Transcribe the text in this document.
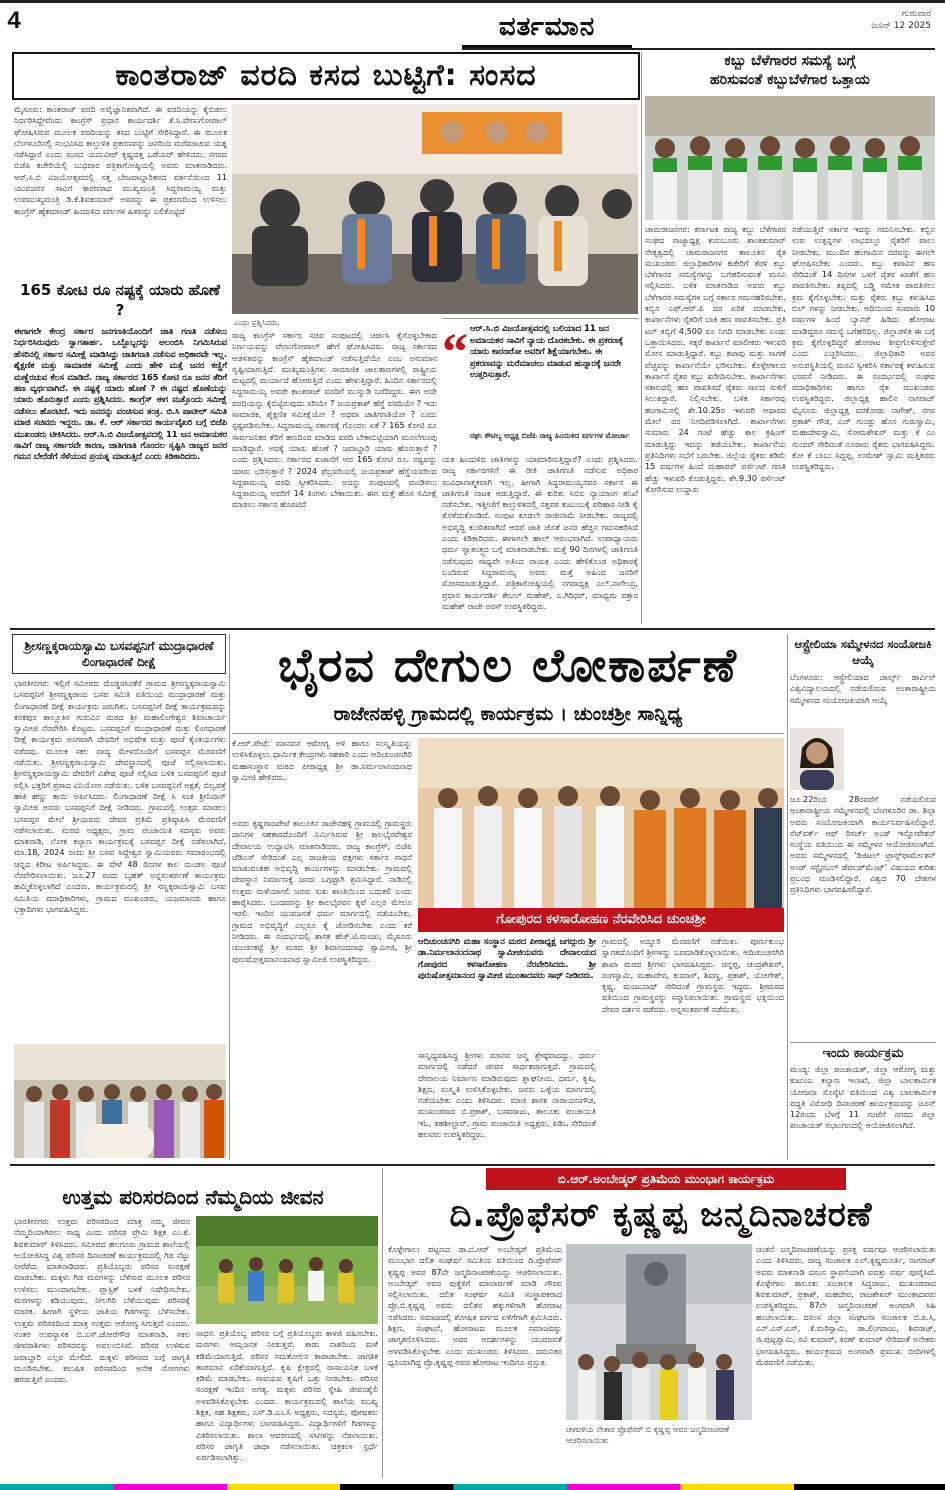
4	ವರ್ತಮಾನ	ಗುರುವಾರ
ಜೂನ್ 12 2025
ಕಾಂತರಾಜ್ ವರದಿ ಕಸದ ಬುಟ್ಟಿಗೆ: ಸಂಸದ
ಮೈಸೂರು: ಕಾಂತರಾಜ್ ವರದಿ ಅವೈಜ್ಞಾನಿಕವಾಗಿದೆ. ಈ ವರದಿಯನ್ನು ಕೈಬಿಡಲು ನಿರ್ಧರಿಸಿದ್ದೇವೆಂದು ಕಾಂಗ್ರೆಸ್ ಪ್ರಧಾನ ಕಾರ್ಯದರ್ಶಿ ಕೆ.ಸಿ.ವೇಣುಗೋಪಾಲ್ ಘೋಷಿಸಿರುವ ಮೂಲಕ ವರದಿಯನ್ನು ಕಸದ ಬುಟ್ಟಿಗೆ ಸೇರಿಸಿದ್ದಾರೆ. ಈ ಮೂಲಕ ಬೆಂಗಳೂರಿನಲ್ಲಿ ಸಂಭವಿಸಿದ ಕಾಲ್ತುಳಿತ ಪ್ರಕರಣವನ್ನು ಜನರಿಂದ ಮರೆಮಾಚುವ ಯತ್ನ ನಡೆಸಿದ್ದಾರೆ ಎಂದು ಸಂಸದ ಯದುವೀರ್ ಕೃಷ್ಣದತ್ತ ಒಡೆಯರ್ ಹೇಳಿದರು. ನಗರದ ಬಿಜೆಪಿ ಕಚೇರಿಯಲ್ಲಿ ಬುಧವಾರ ಪತ್ರಿಕಾಗೋಷ್ಠಿಯಲ್ಲಿ ಅವರು ಮಾತನಾಡಿದರು. ಆರ್.ಸಿ.ಬಿ ವಿಜಯೋತ್ಸವದಲ್ಲಿ ಸತ್ತ ಬೇಜವಾಬ್ದಾರಿತನದ ವರ್ತನೆಯಿಂದ 11 ಯುವಜನರ ಸಾವಿಗೆ ಕಾರಣರಾದ ಮುಖ್ಯಮಂತ್ರಿ ಸಿದ್ದರಾಮಯ್ಯ ಮತ್ತು ಉಪಮುಖ್ಯಮಂತ್ರಿ ಡಿ.ಕೆ.ಶಿವಕುಮಾರ್ ಅವರನ್ನು ಈ ಪ್ರಕರಣದಿಂದ ಉಳಿಸಲು ಕಾಂಗ್ರೆಸ್ ಹೈಕಮಾಂಡ್ ಹಿಂದುಳಿದ ವರ್ಗಗಳ ಹಿತವನ್ನು ಬಲಿಕೊಟ್ಟಿದೆ
165 ಕೋಟಿ ರೂ ನಷ್ಟಕ್ಕೆ ಯಾರು ಹೊಣೆ ?
ಈಗಾಗಲೇ ಕೇಂದ್ರ ಸರ್ಕಾರ ಜನಗಣತಿಯೊಂದಿಗೆ ಜಾತಿ ಗಣತಿ ನಡೆಸಲು ನಿರ್ಧರಿಸಿರುವುದು ಸ್ವಾಗತಾರ್ಹ. ಒಬ್ಬೊಬ್ಬರನ್ನು ಅಲಂಬಿಸಿ ನಿಗಮಿಸಿರುವ ಹೆಸರಿನಲ್ಲಿ ಸರ್ಕಾರ ಸಮೀಕ್ಷೆ ಮಾಡಿಸಿದ್ದು ಜಾತಿಗಣತಿ ನಡೆಸುವ ಅಧಿಕಾರವೇ ಇಲ್ಲ. ಶೈಕ್ಷಣಿಕ ಮತ್ತು ಸಾಮಾಜಿಕ ಸಮೀಕ್ಷೆ ಎಂದು ಹೇಳಿ ಮತ್ತೆ ಜನರ ಕಣ್ಣಿಗೆ ಮಣ್ಣೆರಚುವ ಕೆಲಸ ಮಾಡಿದೆ. ರಾಜ್ಯ ಸರ್ಕಾರದ 165 ಕೋಟಿ ರೂ ಜನರ ತೆರಿಗೆ ಹಣ ವ್ಯರ್ಥವಾಗಿದೆ. ಈ ನಷ್ಟಕ್ಕೆ ಯಾರು ಹೊಣೆ ? ಈ ನಷ್ಟದ ಹೊಣೆಯನ್ನು ಯಾರು ಹೊರುತ್ತಾರೆ ಎಂದು ಪ್ರಶ್ನಿಸಿದರು. ಕಾಂಗ್ರೆಸ್ ಈಗ ಮತ್ತೊಂದು ಸಮೀಕ್ಷೆ ನಡೆಸಲು ಹೊರಟಿದೆ. ಇದು ಜನರನ್ನು ವಂಚಿಸುವ ತಂತ್ರ. ಬಿ.ಸಿ ಪಾಟೀಲ್ ಸಮಿತಿ ಮಾಜಿ ಸಚಿವರು ಇದ್ದರು. ಡಾ. ಕೆ. ಆರ್ ಸರ್ಕಾರದ ಕಾರ್ಯವೈಖರಿ ಬಗ್ಗೆ ಬಿಜೆಪಿ ಮುಖಂಡರು ಟೀಕಿಸಿದರು. ಆರ್.ಸಿ.ಬಿ ವಿಜಯೋತ್ಸವದಲ್ಲಿ 11 ಜನ ಅಮಾಯಕರ ಸಾವಿಗೆ ರಾಜ್ಯ ಸರ್ಕಾರವೇ ಕಾರಣ, ಜಾತಿಗಣತಿ ಗೊಂದಲ ಸೃಷ್ಟಿಸಿ ರಾಜ್ಯದ ಜನರ ಗಮನ ಬೇರೆಡೆಗೆ ಸೆಳೆಯುವ ಪ್ರಯತ್ನ ಮಾಡುತ್ತಿದೆ ಎಂದು ಕಿಡಿಕಾರಿದರು.
ಎಂದು ಪ್ರಶ್ನಿಸಿದರು.
ರಾಜ್ಯ ಕಾಂಗ್ರೆಸ್ ಸರ್ಕಾರ ಸಚಿವ ಸಂಪುಟದಲ್ಲಿ ಚರ್ಚಿಸಿ ಕೈಗೊಳ್ಳಬೇಕಾದ ನಿರ್ಣಯವನ್ನು ವೇಣುಗೋಪಾಲ್ ಹೇಗೆ ಘೋಷಿಸಿದರು. ರಾಜ್ಯ ಸರ್ಕಾರದ ಆಡಳಿತವನ್ನು ಕಾಂಗ್ರೆಸ್ ಹೈಕಮಾಂಡ್ ನಡೆಸುತ್ತಿದೆಯೇ ಎಂಬ ಅನುಮಾನ ಸೃಷ್ಟಿಯಾಗುತ್ತಿದೆ. ಮುಖ್ಯಮಂತ್ರಿಗಳು ಸಾಮಾಜಿಕ ಜಾಲತಾಣಗಳಲ್ಲಿ ರಾಷ್ಟ್ರೀಯ ಮಟ್ಟದಲ್ಲಿ ಮರ್ಯಾದೆ ಹೋಗುತ್ತಿದೆ ಎಂದು ಹೇಳುತ್ತಿದ್ದಾರೆ. ಹಿಂದಿನ ಸರ್ಕಾರದಲ್ಲಿ ಸಿದ್ದರಾಮಯ್ಯ ಅವರೇ ಕಾಂತರಾಜ್ ವರದಿಗೆ ಮುನ್ನುಡಿ ಬರೆದಿದ್ದರು. ಈಗ ಅದೇ ವರದಿಯನ್ನು ಕೈಬಿಟ್ಟಿರುವುದು ಸರಿಯೇ ? ಜಯಪ್ರಕಾಶ್ ಹೆಗ್ಡೆ ವರದಿಯೇ ? ಇದು ಸಾಮಾಜಿಕ, ಶೈಕ್ಷಣಿಕ ಸಮೀಕ್ಷೆಯೋ ? ಅಥವಾ ಜಾತಿಗಣತಿಯೋ ? ಎಂದು ಸ್ಪಷ್ಟಪಡಿಸಬೇಕು. ಸಿದ್ದರಾಮಯ್ಯ ಸರ್ಕಾರಕ್ಕೆ ಗೊಂದಲ ಏಕೆ ? 165 ಕೋಟಿ ರೂ ಸಾರ್ವಜನಿಕರ ತೆರಿಗೆ ಹಣದಿಂದ ಮಾಡಿದ ವರದಿ ಬೇಕಾಬಿಟ್ಟಿಯಾಗಿ ಮೂಲೆಗುಂಪು ಮಾಡಿದ್ದಾರೆ. ಅದಕ್ಕೆ ಯಾರು ಹೊಣೆ ? ಜವಾಬ್ದಾರಿ ಯಾರು ಹೊರುತ್ತಾರೆ ? ಎಂದು ಪ್ರಶ್ನಿಸಿದರು. ಸರ್ಕಾರದ ಖಜಾನೆಗೆ ಆದ 165 ಕೋಟಿ ರೂ. ನಷ್ಟವನ್ನು ಯಾರು ಭರಿಸುತ್ತಾರೆ ? 2024 ಫೆಬ್ರವರಿಯಲ್ಲಿ ಜಯಪ್ರಕಾಶ್ ಹೆಗ್ಡೆಯವರಿಂದ ಸಿದ್ದರಾಮಯ್ಯ ವರದಿ ಸ್ವೀಕರಿಸಿದರು. ಅದನ್ನು ಸಂಪುಟದಲ್ಲಿ ಮಂಡಿಸಲು ಸಿದ್ದರಾಮಯ್ಯ ಅವರಿಗೆ 14 ತಿಂಗಳು ಬೇಕಾಯಿತು. ಈಗ ಮತ್ತೆ ಹೊಸ ಸಮೀಕ್ಷೆ ಮಾಡಲು ಸರ್ಕಾರ ಹೊರಟಿದೆ
“ ಆರ್.ಸಿ.ಬಿ ವಿಜಯೋತ್ಸವದಲ್ಲಿ ಬಲಿಯಾದ 11 ಜನ ಅಮಾಯಕರ ಸಾವಿಗೆ ನ್ಯಾಯ ದೊರಕಬೇಕು. ಈ ಪ್ರಕರಣಕ್ಕೆ ಯಾರು ಕಾರಣರೋ ಅವರಿಗೆ ಶಿಕ್ಷೆಯಾಗಬೇಕು. ಈ ಪ್ರಕರಣವನ್ನು ಮರೆಮಾಚಲು ಮಾಡುವ ಹುನ್ನಾರಕ್ಕೆ ಜನರೇ ಉತ್ತರಿಸುತ್ತಾರೆ.
ರಘು ಕೌಟಿಲ್ಯ ಅಧ್ಯಕ್ಷ ಬಿಜೆಪಿ ರಾಜ್ಯ ಹಿಂದುಳಿದ ವರ್ಗಗಳ ಮೋರ್ಚಾ
ಯಕ ಹಿಂದುಳಿದ ಜಾತಿಗಳನ್ನು ಯಾಮಾರಿಸುತ್ತಿದ್ದಾರೆ? ಎಂದು ಪ್ರಶ್ನಿಸಿದರು. ರಾಜ್ಯ ಸರ್ಕಾರಗಳಿಗೆ ಈ ರೀತಿ ಜಾತಿಗಣತಿ ನಡೆಸುವ ಅಧಿಕಾರ ಸಂವಿಧಾನಾತ್ಮಕವಾಗಿ ಇಲ್ಲ. ಹೀಗಾಗಿ ಸಿದ್ದರಾಮಯ್ಯನವರ ಸರ್ಕಾರ ಈ ಜಾತಿಗಣತಿ ನಾಟಕ ಆಡುತ್ತಿದ್ದಾರೆ. ಈ ಕುರಿತು ಸಿಬಿಐ ನ್ಯಾಯಾಂಗ ತನಿಖೆ ನಡೆಸಬೇಕು. ಇತ್ತೀಚೆಗೆ ಕಾಲ್ತುಳಿತದಲ್ಲಿ ಸತ್ತವರ ಕುಟುಂಬಕ್ಕೆ ಪರಿಹಾರ ನೀಡಿ ಕೈ ತೊಳೆದುಕೊಂಡಿದೆ. ಸಂಪುಟ ಕೂಡಲೇ ರಾಜೀನಾಮೆ ನೀಡಬೇಕು. ರಾಜ್ಯದಲ್ಲಿ ಅಭಿವೃದ್ಧಿ ಕುಂಠಿತವಾಗಿದೆ ಆದರೆ ಜಾತಿ ಜೊತೆ ಜನರ ಹೆಚ್ಚಿನ ಗಮನಹರಿಸಿದೆ ಎಂದು ಕಿಡಿಕಾರಿದರು. ಈಗಾಗಲೇ ಹಾಲ್ ಆರಂಭವಾಗಿದೆ. ಉಪಾಧ್ಯಾಯರು ಧರ್ಮ ಸ್ವಾತಂತ್ರ್ಯದ ಬಗ್ಗೆ ಮಾತನಾಡಬೇಕು. ಮತ್ತೆ 90 ದಿನಗಳಲ್ಲಿ ಜಾತಿಗಣತಿ ನಡೆಸುವುದು ಸಾಧ್ಯವೇ ಅತಿಂದ ನಾಯಕ ಎಂದು ಹೇಳಿಕೊಂಡ ಅಧಿಕಾರಕ್ಕೆ ಬಂದಿರುವ ಸಿದ್ದರಾಮಯ್ಯ ಅವರು ಮತ್ತೆ ಅಹಿಂದ ಜನರಿಗೆ ಮೋಸಮಾಡುತ್ತಿದ್ದಾರೆ. ಪತ್ರಿಕಾಗೋಷ್ಠಿಯಲ್ಲಿ ನಗರಾಧ್ಯಕ್ಷ ಎಲ್.ನಾಗೇಂದ್ರ, ಪ್ರಧಾನ ಕಾರ್ಯದರ್ಶಿ ಕೇಬಲ್ ಮಹೇಶ್, ಎ.ಗಿರಿಧರ್, ಮಾಧ್ಯಮ ವಕ್ತಾರ ಮಹೇಶ್ ರಾಜೇ ಅರಸ್ ಉಪಸ್ಥಿತರಿದ್ದರು.
ಕಬ್ಬು ಬೆಳೆಗಾರರ ಸಮಸ್ಯೆ ಬಗ್ಗೆ
ಹರಿಸುವಂತೆ ಕಬ್ಬುಬೆಳೆಗಾರ ಒತ್ತಾಯ
ಚಾಮರಾಜನಗರ: ಕರ್ನಾಟಕ ರಾಜ್ಯ ಕಬ್ಬು ಬೆಳೆಗಾರರ ಸಂಘದ ರಾಜ್ಯಾಧ್ಯಕ್ಷ ಕುರುಬೂರು ಶಾಂತಕುಮಾರ್ ನೇತೃತ್ವದಲ್ಲಿ ಚಾಮರಾಜನಗರ ತಾಲೂಕಿನ ರೈತ ಮುಖಂಡರು ಜಿಲ್ಲಾಧಿಕಾರಿಗಳ ಕಚೇರಿಗೆ ತೆರಳಿ ಕಬ್ಬು ಬೆಳೆಗಾರರ ಸಮಸ್ಯೆಗಳನ್ನು ಬಗೆಹರಿಸುವಂತೆ ಮನವಿ ಸಲ್ಲಿಸಿದರು. ಬಳಿಕ ಮಾತನಾಡಿದ ಅವರು ಕಬ್ಬು ಬೆಳೆಗಾರರ ಸಮಸ್ಯೆಗಳ ಬಗ್ಗೆ ಸರ್ಕಾರ ಗಮನಹರಿಸಬೇಕು. ಕಬ್ಬಿನ ಎಫ್.ಆರ್.ಪಿ ದರ ಏರಿಕೆ ಮಾಡಬೇಕು, ಕಾರ್ಖಾನೆಗಳು ರೈತರಿಗೆ ಬಾಕಿ ಹಣ ಪಾವತಿಸಬೇಕು. ಪ್ರತಿ ಟನ್ ಕಬ್ಬಿಗೆ 4,500 ರೂ ನಿಗದಿ ಮಾಡಬೇಕು ಎಂದು ಒತ್ತಾಯಿಸಿದರು. ಸಕ್ಕರೆ ಕಾರ್ಖಾನೆ ಮಾಲೀಕರು ಇಳುವರಿ ಮೋಸ ಮಾಡುತ್ತಿದ್ದಾರೆ. ಕಬ್ಬು ಕಟಾವು ಮತ್ತು ಸಾಗಣೆ ವೆಚ್ಚವನ್ನು ಕಾರ್ಖಾನೆಯೇ ಭರಿಸಬೇಕು. ಕೊಳ್ಳೇಗಾಲದ ಕಾರ್ಖಾನೆ ರೈತರ ಕಬ್ಬು ಖರೀದಿಸಬೇಕು. ಕಾರ್ಖಾನೆಗಳು ಸಕಾಲದಲ್ಲಿ ಹಣ ಪಾವತಿಸದೆ ರೈತರು ಸಾಲದ ಸುಳಿಗೆ ಸಿಲುಕಿದ್ದಾರೆ. ನಿಲ್ಲಿಸಬೇಕು. ಬಳಿಕ ಸರ್ಕಾರವು ಹಂಗಾಮಿನಲ್ಲಿ ಶೇ.10.25ರ ಇಳುವರಿ ಆಧಾರದ ಮೇಲೆ ದರ ನಿಗದಿಪಡಿಸಲಾಗಿದೆ. ಕಾರ್ಖಾನೆಗಳು ಸುಮಾರು 24 ಗಂಟೆ ಹೆಚ್ಚು ಕಾಲ ಕ್ರಷಿಂಗ್ ಮಾಡುತ್ತಿದ್ದು ಇದನ್ನು ತಡೆಯಬೇಕು. ಕಾರ್ಖಾನೆಯ ಪ್ರತಿನಿಧಿಗಳು ಸಭೆಗೆ ಬರಬೇಕು. ಜಿಲ್ಲೆಯ ರೈತರು ಕಡಿಮೆ 15 ವರ್ಷಗಳ ಹಿಂದೆ ಮಹಾಪರ್ ಪರ್ಸೆಂಟ್ ಗಣತಿ ಹೆಚ್ಚು ಇಳುವರಿ ಕೊಡುತ್ತಿದ್ದರು. ಶೇ.9.30 ಪರ್ಸೆಂಟ್ ತೋರಿಸುವ ಉದ್ದಾರು
ನಡೆಯುತ್ತಿವೆ ಸರ್ಕಾರ ಇದನ್ನು ಗಮನಿಸಬೇಕು. ಕಬ್ಬಿನ ಉಪ ಉತ್ಪನ್ನಗಳ ಲಾಭದಲ್ಲೂ ರೈತರಿಗೆ ಪಾಲು ನೀಡಬೇಕು. ಮುಂದಿನ ಹಂಗಾಮಿನ ದರವನ್ನು ಈಗಲೇ ಘೋಷಿಸಬೇಕು ಎಂದರು. ಕಬ್ಬು ಕಟಾವಿನ ಹಣ ಸೇರಿದಂತೆ 14 ದಿನಗಳ ಒಳಗೆ ರೈತರ ಖಾತೆಗೆ ಹಣ ಪಾವತಿಸಬೇಕು. ತಪ್ಪಿದಲ್ಲಿ ಬಡ್ಡಿ ಸಮೇತ ಪಾವತಿಸಲು ಕ್ರಮ ಕೈಗೊಳ್ಳಬೇಕು. ಮತ್ತು ರೈತರು ಕಬ್ಬು ಕಳುಹಿಸಿದ ಬಿಲ್ ಗಳನ್ನು ನೀಡಬೇಕು. ಆದಿಯಿಂದ ಸುಮಾರು 10 ವರ್ಷಗಳ ಹಿಂದೆ ಬ್ಯಾನರ್ ಹಿಡಿದು ಹೋರಾಟ ಮಾಡಿದ್ದರೂ ಸಮಸ್ಯೆ ಬಗೆಹರಿದಿಲ್ಲ. ಜಿಲ್ಲಾಡಳಿತ ಈ ಬಗ್ಗೆ ಕ್ರಮ ಕೈಗೊಳ್ಳದಿದ್ದರೆ ಹೋರಾಟ ತೀವ್ರಗೊಳಿಸುತ್ತೇವೆ ಎಂದು ಎಚ್ಚರಿಸಿದರು. ಜಿಲ್ಲಾಧಿಕಾರಿ ಅವರ ಅನುಪಸ್ಥಿತಿಯಲ್ಲಿ ಮನವಿ ಸ್ವೀಕರಿಸಿ ಸರ್ಕಾರಕ್ಕೆ ಕಳುಹಿಸುವ ಭರವಸೆ ನೀಡಿದರು. ಈ ಸಂದರ್ಭದಲ್ಲಿ ಸಂಘದ ಪದಾಧಿಕಾರಿಗಳು ಹಾಗೂ ರೈತ ಮುಖಂಡರು ಉಪಸ್ಥಿತರಿದ್ದರು. ಜಿಲ್ಲಾಧ್ಯಕ್ಷ ಹಾಲಿನ ನಾಗರಾಜ್ ಮೈಸೂರು ಜಿಲ್ಲಾಧ್ಯಕ್ಷ ವರಕೋಡು ನಾಗೇಶ್, ನಗರ ಪ್ರಕಾಶ್ ಗೌಡ, ಎಚ್ ಗುಂಡ್ಲು ಹೊಸ ಗುರುಸ್ವಾಮಿ, ಮಹಾದೇವಸ್ವಾಮಿ, ಸೋಮಶೇಖರ್ ಮತ್ತು ಕೆ ಎಂ ಸುಂದರ್ ಸೇರಿದಂತೆ ನೂರಾರು ರೈತರು ಭಾಗವಹಿಸಿದ್ದರು. ಕೋ ಕೆ ಬಾಬು ಸಿದ್ದಪ್ಪ, ಉಮೇಶ್ ಸ್ವಾಮಿ ಮತ್ತಿತರರು ಉಪಸ್ಥಿತರಿದ್ದರು.
ಶ್ರೀಸಣ್ಣಕ್ಕರಾಯಸ್ವಾಮಿ ಬಸವಪ್ಪನಿಗೆ ಮುದ್ರಾಧಾರಣೆ ಲಿಂಗಾಧಾರಣೆ ದೀಕ್ಷೆ
ಭಾರತೀನಗರ: ಇಲ್ಲಿಗೆ ಸಮೀಪದ ದೊಡ್ಡರಸಿನಕೆರೆ ಗ್ರಾಮದ ಶ್ರೀಸಣ್ಣಕ್ಕರಾಯಸ್ವಾಮಿ ಬಸವಪ್ಪನಿಗೆ ಶ್ರೀಸಣ್ಣಕ್ಕರಾಯ ಬಸವ ಸಮಿತಿ ವತಿಯಿಂದ ಮುದ್ರಾಧಾರಣೆ ಮತ್ತು ಲಿಂಗಾಧಾರಣೆ ದೀಕ್ಷೆ ಕಾರ್ಯಕ್ರಮ ಜರುಗಿತು. ಬಸವಪ್ಪನಿಗೆ ದೀಕ್ಷೆ ಕಾರ್ಯಕ್ರಮವನ್ನು ಕನಕಪುರ ತಾಲ್ಲೂಕಿನ ಗುರುವಿನ ಮಠದ ಶ್ರೀ ಮಹಾಲಿಂಗೇಶ್ವರ ಶಿವಾಚಾರ್ಯ ಸ್ವಾಮೀಜಿ ನೆರವೇರಿಸಿ ಕೊಟ್ಟರು. ಬಸವಪ್ಪನಿಗೆ ಮುದ್ರಾಧಾರಣೆ ಮತ್ತು ಲಿಂಗಧಾರಣೆ ದೀಕ್ಷೆ ಕಾರ್ಯಕ್ರಮ ಅಂಗವಾಗಿ ದೇವರಿಗೆ ಅಭಿಷೇಕ ಮತ್ತು ಪೂಜೆ ಕೈಂಕರ್ಯಗಳು ನಡೆದವು. ಮೂಲಕ ಸಕಲ ವಾದ್ಯ ಮೇಳದೊಂದಿಗೆ ಬಸವಪ್ಪನ ಮೆರವಣಿಗೆ ನಡೆಯಿತು. ಶ್ರೀಸಣ್ಣಕ್ಕರಾಯಸ್ವಾಮಿ ದೇವಸ್ಥಾನದಲ್ಲಿ ಪೂಜೆ ಸಲ್ಲಿಸಲಾಯಿತು. ಶ್ರೀಸಣ್ಣಕ್ಕರಾಯಸ್ವಾಮಿ ದೇವರಿಗೆ ವಿಶೇಷ ಪೂಜೆ ಸಲ್ಲಿಸಿದ ಬಳಿಕ ಬಸವಪ್ಪನಿಗೆ ಪೂಜೆ ಸಲ್ಲಿಸಿ ಭಕ್ತರಿಗೆ ಪ್ರಸಾದ ವಿನಿಯೋಗ ನಡೆಯಿತು. ಬಳಿಕ ಬಸವಪ್ಪನಿಗೆ ಅಕ್ಷತೆ, ಬಿಲ್ವಪತ್ರೆ ಹಾಕಿ ಹಣ್ಣು ಕಾಯಿ ಅರ್ಪಿಸಿದರು. ಲಿಂಗಾಧಾರಣೆ ದೀಕ್ಷೆ ಸಿ ಸಂತ ಶ್ರೀನಿವಾಸ್ ಸ್ವಾಮೀಜಿ ಅವರು ಬಸವಪ್ಪನಿಗೆ ದೀಕ್ಷೆ ನೀಡಿದರು. ಗ್ರಾಮದಲ್ಲಿ ಉತ್ಸವ ಮಾಡಲು ಬಸವಪ್ಪನ ಮೇಲೆ ಶ್ರೀಯವರು ದೇವರ ಪ್ರತಿಮೆ ಪ್ರತಿಷ್ಠಾಪಿಸಿ ಮೆರವಣಿಗೆ ನಡೆಸಲಾಯಿತು. ಮಠದ ಅಧ್ಯಕ್ಷರು, ಗ್ರಾಮ ಪಂಚಾಯಿತಿ ಸದಸ್ಯರು ಅವರು ಮಾತನಾಡಿ, ಲೋಕ ಕಲ್ಯಾಣ ಕಾರ್ಯಕ್ರಮಕ್ಕೆ ಬಸವಪ್ಪನ ದೀಕ್ಷೆ ನಡೆಸಲಾಗಿದೆ. ಮಾ.18, 2024 ರಂದು ಶ್ರೀ ಬಸವ ಸಿದ್ದೇಶ್ವರ ಸ್ವಾಮಿಯವರು ಸಮಾರಂಭದಲ್ಲಿ ಚಿನ್ನದ ಕಿರೀಟ ಅರ್ಪಿಸಿದ್ದರು. ಈ ವೇಳೆ 48 ದಿನಗಳ ಕಾಲ ಮಂಡಲ ಪೂಜೆ ನೆರವೇರಿಸಲಾಯಿತು. ಜೂ.27 ರಂದು ಬೃಹತ್ ಅನ್ನಸಂತರ್ಪಣೆ ಕಾರ್ಯಕ್ರಮ ಹಮ್ಮಿಕೊಳ್ಳಲಾಗಿದೆ ಎಂದರು. ಕಾರ್ಯಕ್ರಮದಲ್ಲಿ ಶ್ರೀ ಸಣ್ಣಕ್ಕರಾಯಸ್ವಾಮಿ ಬಸವ ಸಮಿತಿಯ ಪದಾಧಿಕಾರಿಗಳು, ಗ್ರಾಮದ ಮುಖಂಡರು, ಯಜಮಾನರು ಹಾಗೂ ಭಕ್ತಾದಿಗಳು ಭಾಗವಹಿಸಿದ್ದರು.
ಭೈರವ ದೇಗುಲ ಲೋಕಾರ್ಪಣೆ
ರಾಜೇನಹಳ್ಳಿ ಗ್ರಾಮದಲ್ಲಿ ಕಾರ್ಯಕ್ರಮ । ಚುಂಚಶ್ರೀ ಸಾನ್ನಿಧ್ಯ
ಕೆ.ಆರ್.ಪೇಟೆ: ಮಾನವನ ಆರೋಗ್ಯ ಅಳಿ ಹಾಗೂ ಸಂಸ್ಕೃತಿಯನ್ನು ಉಳಿಸಿಕೊಳ್ಳಲು ಧಾರ್ಮಿಕ ಕೇಂದ್ರಗಳು ಸಹಕಾರಿ ಎಂದು ಆದಿಚುಂಚನಗಿರಿ ಮಹಾಸಂಸ್ಥಾನ ಮಠದ ಪೀಠಾಧ್ಯಕ್ಷ ಶ್ರೀ ಡಾ.ನಿರ್ಮಲಾನಂದನಾಥ ಸ್ವಾಮೀಜಿ ಹೇಳಿದರು.
ಗೋಪುರದ ಕಳಸಾರೋಹಣ ನೆರವೇರಿಸಿದ ಚುಂಚಶ್ರೀ
ಅವರು ಕೃಷ್ಣರಾಜಪೇಟೆ ತಾಲೂಕಿನ ರಾಜೇನಹಳ್ಳಿ ಗ್ರಾಮದಲ್ಲಿ ಗ್ರಾಮಸ್ಥರು ದಾನಿಗಳ ಸಹಕಾರದೊಂದಿಗೆ ನಿರ್ಮಿಸಿರುವ ಶ್ರೀ ಕಾಲಭೈರವೇಶ್ವರ ದೇವಾಲಯ ಉದ್ಘಾಟಿಸಿ ಮಾತನಾಡಿದರು. ರಾಜ್ಯ ಕಾಂಗ್ರೆಸ್, ಬಿಜೆಪಿ ಜೆಡಿಎಸ್ ಸೇರಿದಂತೆ ಎಲ್ಲ ರಾಜಕೀಯ ಪಕ್ಷಗಳು ಸರ್ಕಾರ ಸಾಧನೆ ಮಾಡುವಂತಹ ಅಭಿವೃದ್ಧಿ ಕಾರ್ಯಗಳನ್ನು ಮಾಡಬೇಕು. ಗ್ರಾಮದಲ್ಲಿ ದೇವಸ್ಥಾನ ನಿರ್ಮಾಣಕ್ಕೆ ಜನರು ಒಗ್ಗಟ್ಟಾಗಿ ಶ್ರಮಿಸಿದ್ದಾರೆ. ನಾಡಿನಲ್ಲಿ ಉತ್ತಮ ಮಳೆಯಾಗಲಿ ಜನರು ಸುಖ ಶಾಂತಿಯಿಂದ ಬದುಕಲಿ ಎಂದು ಹಾರೈಸಿದರು. ಬಂದವರನ್ನು ಶ್ರೀ ಕಾಲಭೈರವನ ಕೃಪೆ ಎಲ್ಲರ ಮೇಲೂ ಇರಲಿ. ಇಂದಿನ ಯುವಜನತೆ ಧರ್ಮ ಮಾರ್ಗದಲ್ಲಿ ನಡೆಯಬೇಕು. ಗ್ರಾಮದ ಅಭಿವೃದ್ಧಿಗೆ ಎಲ್ಲರೂ ಕೈ ಜೋಡಿಸಬೇಕು ಎಂದು ಕರೆ ನೀಡಿದರು. ಈ ಸಂದರ್ಭದಲ್ಲಿ ಶಾಸಕ ಹೆಚ್.ಟಿ.ಮಂಜು, ಮೈಸೂರು ಚುಂಚನಕಟ್ಟೆ ಶ್ರೀ ಮಠದ ಶ್ರೀ ಶಿವಾನಂದನಾಥ ಸ್ವಾಮೀಜಿ, ಶ್ರೀ ಪುರುಷೋತ್ತಮಾನಂದನಾಥ ಸ್ವಾಮೀಜಿ ಉಪಸ್ಥಿತರಿದ್ದರು.
ಆದಿಚುಂಚನಗಿರಿ ಮಹಾ ಸಂಸ್ಥಾನ ಮಠದ ಪೀಠಾಧ್ಯಕ್ಷ ಜಗದ್ಗುರು ಶ್ರೀ ಡಾ.ನಿರ್ಮಲಾನಂದನಾಥ ಸ್ವಾಮೀಜಿಯವರು ದೇವಾಲಯದ ಗೋಪುರದ ಕಳಸಾರೋಹಣ ನೆರವೇರಿಸಿದರು. ಶ್ರೀ ಪುರುಷೋತ್ತಮಾನಂದ ಸ್ವಾಮೀಜಿ ಮುಂತಾದವರು ಸಾಥ್ ನೀಡಿದರು.
ಸಾನ್ನಿಧ್ಯವಹಿಸಿದ್ದ ಶ್ರೀಗಳು ಮಾನವ ಜನ್ಮ ಶ್ರೇಷ್ಠವಾದದ್ದು. ಧರ್ಮ ಮಾರ್ಗದಲ್ಲಿ ನಡೆದರೆ ಜೀವನ ಸಾರ್ಥಕವಾಗುತ್ತದೆ. ಗ್ರಾಮದಲ್ಲಿ ದೇವಾಲಯ ನಿರ್ಮಾಣ ಮಾಡಿರುವುದು ಶ್ಲಾಘನೀಯ. ಧರ್ಮ, ಕೃಷಿ, ಶಿಕ್ಷಣ, ಸಂಸ್ಕೃತಿ ಉಳಿಸಿಕೊಳ್ಳಬೇಕು. ಜನರು ಒಳ್ಳೆಯ ಮಾರ್ಗದಲ್ಲಿ ನಡೆಯಬೇಕು ಎಂದು ತಿಳಿಸಿದರು. ಮಾಜಿ ಶಾಸಕ ನಾರಾಯಣಗೌಡ, ಮುಖಂಡರಾದ ಬಿ.ಪ್ರಕಾಶ್, ಬಸವರಾಜು, ತಾಲೂಕು ಪಂಚಾಯಿತಿ ಇಓ, ತಹಶೀಲ್ದಾರ್, ಗ್ರಾಮ ಪಂಚಾಯಿತಿ ಅಧ್ಯಕ್ಷರು, ಪಿಡಿಒ ಸೇರಿದಂತೆ ಹಲವರು ಉಪಸ್ಥಿತರಿದ್ದರು.
ಗ್ರಾಮದಲ್ಲಿ ಅದ್ದೂರಿ ಮೆರವಣಿಗೆ ನಡೆಯಿತು. ಪೂರ್ಣಕುಂಭ ಸ್ವಾಗತದೊಂದಿಗೆ ಶ್ರೀಗಳನ್ನು ಬರಮಾಡಿಕೊಳ್ಳಲಾಯಿತು. ಆದಿಚುಂಚನಗಿರಿ ಶಾಖಾ ಮಠದ ಶ್ರೀಗಳು ಭಾಗವಹಿಸಿದ್ದರು. ಚಿನ್ನಪ್ಪ, ಚಂದ್ರಶೇಖರ್, ರಂಗಸ್ವಾಮಿ, ಮಹಾದೇವ, ಕುಮಾರ್, ಶಿವಣ್ಣ, ಪ್ರಕಾಶ್, ಯೋಗೇಶ್, ಕೃಷ್ಣ, ಮಂಜುನಾಥ್ ಸೇರಿದಂತೆ ಗ್ರಾಮಸ್ಥರು ಇದ್ದರು. ಶ್ರೀಮಠದ ವತಿಯಿಂದ ಗ್ರಾಮಸ್ಥರನ್ನು ಸನ್ಮಾನಿಸಲಾಯಿತು. ಗ್ರಾಮಸ್ಥರು ಭಕ್ತಿಯಿಂದ ದೇವರ ದರ್ಶನ ಪಡೆದರು. ಅನ್ನಸಂತರ್ಪಣೆ ನಡೆಯಿತು.
ಆಸ್ಟ್ರೇಲಿಯಾ ಸಮ್ಮೇಳನದ ಸಂಯೋಜಕಿ ಆಯ್ಕೆ
ಬೆಂಗಳೂರು: ಆಸ್ಟ್ರೇಲಿಯಾದ ಚಾರ್ಲ್ಸ್ ಡಾರ್ವಿನ್ ವಿಶ್ವವಿದ್ಯಾಲಯದಲ್ಲಿ ನಡೆಯಲಿರುವ ಅಂತಾರಾಷ್ಟ್ರೀಯ ಸಮ್ಮೇಳನದ ಸಂಯೋಜಕಿಯಾಗಿ ಆಯ್ಕೆ
ಜೂ.22ರಿಂದ 28ರವರೆಗೆ ನಡೆಯಲಿರುವ ಅಂತಾರಾಷ್ಟ್ರೀಯ ಸಮ್ಮೇಳನದಲ್ಲಿ ಬೆಂಗಳೂರಿನ ಡಾ. ಶಿಲ್ಪಾ ಅವರು ಸಂಯೋಜಕಿಯಾಗಿ ಕಾರ್ಯನಿರ್ವಹಿಸಲಿದ್ದಾರೆ. ನೆಟ್‌ವರ್ಕ್ ಆಫ್ ರಿಸರ್ಚ್ ಅಂಡ್ ಇನ್ನೋವೇಶನ್ ಸಂಸ್ಥೆಯ ವತಿಯಿಂದ ಈ ಸಮ್ಮೇಳನ ಆಯೋಜಿಸಲಾಗಿದೆ. ಅವರು ಸಮ್ಮೇಳನದಲ್ಲಿ 'ಡಿಜಿಟಲ್ ಟ್ರಾನ್ಸ್‌ಫಾರ್ಮೇಶನ್ ಅಂಡ್ ಸಸ್ಟೈನಬಲ್ ಡೆವಲಪ್‌ಮೆಂಟ್' ವಿಷಯದ ಕುರಿತು ಪ್ರಬಂಧ ಮಂಡಿಸಲಿದ್ದಾರೆ. ವಿಶ್ವದ 70 ದೇಶಗಳ ಪ್ರತಿನಿಧಿಗಳು ಭಾಗವಹಿಸಲಿದ್ದಾರೆ.
ಇಂದು ಕಾರ್ಯಕ್ರಮ
ಮಂಡ್ಯ: ಜಿಲ್ಲಾ ಪಂಚಾಯತ್, ಜಿಲ್ಲಾ ಆರೋಗ್ಯ ಮತ್ತು ಕುಟುಂಬ ಕಲ್ಯಾಣ ಇಲಾಖೆ, ಜಿಲ್ಲಾ ಬಾಲಕಾರ್ಮಿಕ ಯೋಜನಾ ಸೊಸೈಟಿ ವತಿಯಿಂದ ವಿಶ್ವ ಬಾಲಕಾರ್ಮಿಕ ಪದ್ಧತಿ ವಿರೋಧಿ ದಿನಾಚರಣೆ ಕಾರ್ಯಕ್ರಮವನ್ನು ಜೂನ್ 12ರಂದು ಬೆಳಗ್ಗೆ 11 ಗಂಟೆಗೆ ನಗರದ ಜಿಲ್ಲಾ ಪಂಚಾಯತ್ ಸಭಾಂಗಣದಲ್ಲಿ ಆಯೋಜಿಸಲಾಗಿದೆ.
ಉತ್ತಮ ಪರಿಸರದಿಂದ ನೆಮ್ಮದಿಯ ಜೀವನ
ಭಾರತೀನಗರ: ಉತ್ತಮ ಪರಿಸರದಿಂದ ಮಾತ್ರ ನಮ್ಮ ಜೀವನ ನೆಮ್ಮದಿಯಾಗಿರಲು ಸಾಧ್ಯ ಎಂದು ಪರಿಸರ ಪ್ರೇಮಿ ಶಿಕ್ಷಕ ಎಂ.ಕೆ. ಶಿವಕುಮಾರ್ ತಿಳಿಸಿದರು. ಸಮೀಪದ ಹಲಗೂರು ಗ್ರಾಮದ ಶಾಲೆಯಲ್ಲಿ ಆಯೋಜಿಸಿದ್ದ ವಿಶ್ವ ಪರಿಸರ ದಿನಾಚರಣೆ ಕಾರ್ಯಕ್ರಮದಲ್ಲಿ ಗಿಡ ನೆಟ್ಟು ನೀರೆರೆದು ಮಾತನಾಡಿದರು. ಪ್ರತಿಯೊಬ್ಬರು ಪರಿಸರ ಸಂರಕ್ಷಣೆ ಮಾಡಬೇಕು. ಮಕ್ಕಳು ಗಿಡ ಮರಗಳನ್ನು ಬೆಳೆಸುವ ಮೂಲಕ ಪರಿಸರ ಉಳಿಸಲು ಮುಂದಾಗಬೇಕು. ಪ್ಲಾಸ್ಟಿಕ್ ಬಳಕೆ ನಿಷೇಧಿಸಬೇಕು. ಮರಗಳನ್ನು ಕಡಿಯುವುದು, ನೀಲಗಿರಿ ಬೆಳೆಯುವುದು ಪರಿಸರಕ್ಕೆ ಮಾರಕ. ಹೀಗಾಗಿ ಸ್ಥಳೀಯ ಜಾತಿಯ ಗಿಡಗಳನ್ನು ಬೆಳೆಸಬೇಕು. ಉತ್ತಮ ಪರಿಸರದಿಂದ ಮಾತ್ರ ಉತ್ತಮ ಆರೋಗ್ಯ ಸಿಗುತ್ತದೆ ಎಂದರು. ನಂತರ ಉಪನ್ಯಾಸಕ ಬಿ.ಎಸ್.ಜೋರೆಗೌಡ ಮಾತನಾಡಿ, ಸಕಲ ಜೀವರಾಶಿಗಳು ಪರಿಸರವನ್ನು ಅವಲಂಬಿಸಿವೆ. ಪರಿಸರ ಉಳಿಸುವ ಜವಾಬ್ದಾರಿ ಎಲ್ಲರ ಮೇಲಿದೆ. ಮಕ್ಕಳು ಪರಿಸರದ ಬಗ್ಗೆ ಜಾಗೃತಿ ಮೂಡಿಸಬೇಕು. ಕಲುಷಿತ ಪರಿಸರದಿಂದ ಅನೇಕ ರೋಗಗಳು ಹರಡುತ್ತಿವೆ ಎಂದರು.
ಸಾಧನ. ಪ್ರತಿಯೊಬ್ಬ ಪರಿಸರ ಬಗ್ಗೆ ಪ್ರತಿಯೊಬ್ಬರು ಕಾಳಜಿ ವಹಿಸಬೇಕು. ಮರಗಳು ಆಮ್ಲಜನಕ ನೀಡುತ್ತವೆ. ಕಾಡು ನಾಶದಿಂದ ಮಳೆ ಕಡಿಮೆಯಾಗುತ್ತಿದೆ. ಪರಿಸರ ಸಮತೋಲನ ಕಾಪಾಡಬೇಕು. ಜಾಗತಿಕ ತಾಪಮಾನ ಏರಿಕೆಯಾಗುತ್ತಿದೆ. ಕೃಷಿ ಕ್ಷೇತ್ರದಲ್ಲಿ ರಾಸಾಯನಿಕ ಬಳಕೆ ಕಡಿಮೆ ಮಾಡಬೇಕು. ಸಾವಯವ ಕೃಷಿಗೆ ಒತ್ತು ನೀಡಬೇಕು. ಪರಿಸರ ಸಂರಕ್ಷಣೆ ಇಂದಿನ ಅಗತ್ಯ. ಮಕ್ಕಳು ಪರಿಸರ ಸ್ನೇಹಿ ಜೀವನಶೈಲಿ ಅಳವಡಿಸಿಕೊಳ್ಳಬೇಕು ಎಂದರು. ಕಾರ್ಯಕ್ರಮದಲ್ಲಿ ಶಾಲೆಯ ಮುಖ್ಯ ಶಿಕ್ಷಕ, ಸಹ ಶಿಕ್ಷಕರು, ಎಸ್.ಡಿ.ಎಂ.ಸಿ ಅಧ್ಯಕ್ಷರು, ಸದಸ್ಯರು, ಪೋಷಕರು ಹಾಗೂ ವಿದ್ಯಾರ್ಥಿಗಳು ಭಾಗವಹಿಸಿದ್ದರು. ವಿದ್ಯಾರ್ಥಿಗಳಿಗೆ ಗಿಡಗಳನ್ನು ವಿತರಿಸಲಾಯಿತು. ಶಾಲಾ ಆವರಣದಲ್ಲಿ ಸಸಿಗಳನ್ನು ನೆಡಲಾಯಿತು. ಪರಿಸರ ಜಾಗೃತಿ ಜಾಥಾ ನಡೆಸಲಾಯಿತು. ಚಿತ್ರಕಲಾ ಸ್ಪರ್ಧೆ ಏರ್ಪಡಿಸಲಾಗಿತ್ತು.
ಬಿ.ಆರ್.ಅಂಬೇಡ್ಕರ್ ಪ್ರತಿಮೆಯ ಮುಂಭಾಗ ಕಾರ್ಯಕ್ರಮ
ದಿ.ಪ್ರೊಫೆಸರ್ ಕೃಷ್ಣಪ್ಪ ಜನ್ಮದಿನಾಚರಣೆ
ಕೊಳ್ಳೇಗಾಲ: ಪಟ್ಟಣದ ಡಾ.ಬಿ.ಆರ್ ಅಂಬೇಡ್ಕರ್ ಪ್ರತಿಮೆಯ ಮುಂಭಾಗ ದಲಿತ ಸಂಘರ್ಷ ಸಮಿತಿಯ ವತಿಯಿಂದ ದಿ.ಪ್ರೊಫೆಸರ್ ಕೃಷ್ಣಪ್ಪ ಅವರ 87ನೇ ಜನ್ಮದಿನಾಚರಣೆಯನ್ನು ಆಚರಿಸಲಾಯಿತು. ಅಂಬೇಡ್ಕರ್ ಅವರ ಪುತ್ಥಳಿಗೆ ಮಾಲಾರ್ಪಣೆ ಮಾಡಿ ಗೌರವ ಸಲ್ಲಿಸಲಾಯಿತು. ದಲಿತ ಸಂಘರ್ಷ ಸಮಿತಿ ಸಂಸ್ಥಾಪಕರಾದ ಪ್ರೊ.ಬಿ.ಕೃಷ್ಣಪ್ಪ ಅವರು ದಲಿತರ ಹಕ್ಕುಗಳಿಗಾಗಿ ಹೋರಾಟ ನಡೆಸಿದರು. ಸಮಾಜದಲ್ಲಿ ಶೋಷಿತ ವರ್ಗದ ಏಳಿಗೆಗಾಗಿ ಶ್ರಮಿಸಿದರು. ಶಿಕ್ಷಣ, ಸಂಘಟನೆ, ಹೋರಾಟದ ಮೂಲಕ ಸಮಾಜವನ್ನು ಜಾಗೃತಗೊಳಿಸಿದರು. ಅವರ ಆದರ್ಶಗಳನ್ನು ಯುವಜನತೆ ಅಳವಡಿಸಿಕೊಳ್ಳಬೇಕು ಎಂದು ಮುಖಂಡರು ತಿಳಿಸಿದರು. ದಮನಿತರ ಧ್ವನಿಯಾಗಿದ್ದ ಪ್ರೊ.ಕೃಷ್ಣಪ್ಪ ಅವರ ಹೋರಾಟ ಇಂದಿಗೂ ಪ್ರಸ್ತುತ.
ಚಳವಳಿಯ ನೇತಾರ ಪ್ರೊಫೆಸರ್ ಬಿ ಕೃಷ್ಣಪ್ಪ ಅವರ ಜನ್ಮದಿನಾಚರಣೆ ಆಚರಿಸಲಾಯಿತು
ಚಿಂತನೆ ಜನ್ಮದಿನಾಚರಣೆಯನ್ನು ಪ್ರಸಕ್ತ ವರ್ಷವೂ ಆಚರಿಸಲಾಯಿತು ಎಂದು ತಿಳಿಸಿದರು. ರಾಜ್ಯ ಸಂಚಾಲಕ ಎಲ್.ಕೃಷ್ಣಮೂರ್ತಿ, ನಾಗರಾಜ್ ಅವರು ಮಾತನಾಡಿ ದಸಂಸ ಸ್ಥಾಪನೆಯಾಗಿ ಐವತ್ತು ವರ್ಷ ಪೂರೈಸಿದೆ. ಕೊಳ್ಳೇಗಾಲ ತಾಲೂಕು ಸಂಚಾಲಕ ಸಿದ್ದರಾಜು, ಮುಖಂಡರಾದ ಶಿವಕುಮಾರ್, ಪ್ರಕಾಶ್, ಮಹದೇವ, ರಾಜಶೇಖರ್ ಮುಂತಾದವರು ಉಪಸ್ಥಿತರಿದ್ದರು. 87ನೇ ಜನ್ಮದಿನಾಚರಣೆ ಅಂಗವಾಗಿ ಸಿಹಿ ಹಂಚಲಾಯಿತು. ದಸಂಸ ಜಿಲ್ಲಾ ಸಂಘಟನಾ ಸಂಚಾಲಕ ಬಿ.ಪಿ.ಸಿ, ಎನ್.ಎಸ್.ಎಸ್, ಕೆ.ಮರಿಸ್ವಾಮಿ, ಡಾ.ಲಿಂಗರಾಜು, ಶಿವರಾಜ್, ಜಿ.ಪುಟ್ಟಸ್ವಾಮಿ, ರವಿ ಕುಮಾರ್, ಕಿರಣ್ ಕುಮಾರ್ ಸೇರಿದಂತೆ ಅನೇಕರು ಭಾಗವಹಿಸಿದ್ದರು. ಕಾರ್ಯಕ್ರಮದ ಅಂಗವಾಗಿ ಪ್ರಮುಖ ಬೀದಿಗಳಲ್ಲಿ ಮೆರವಣಿಗೆ ನಡೆಯಿತು.
